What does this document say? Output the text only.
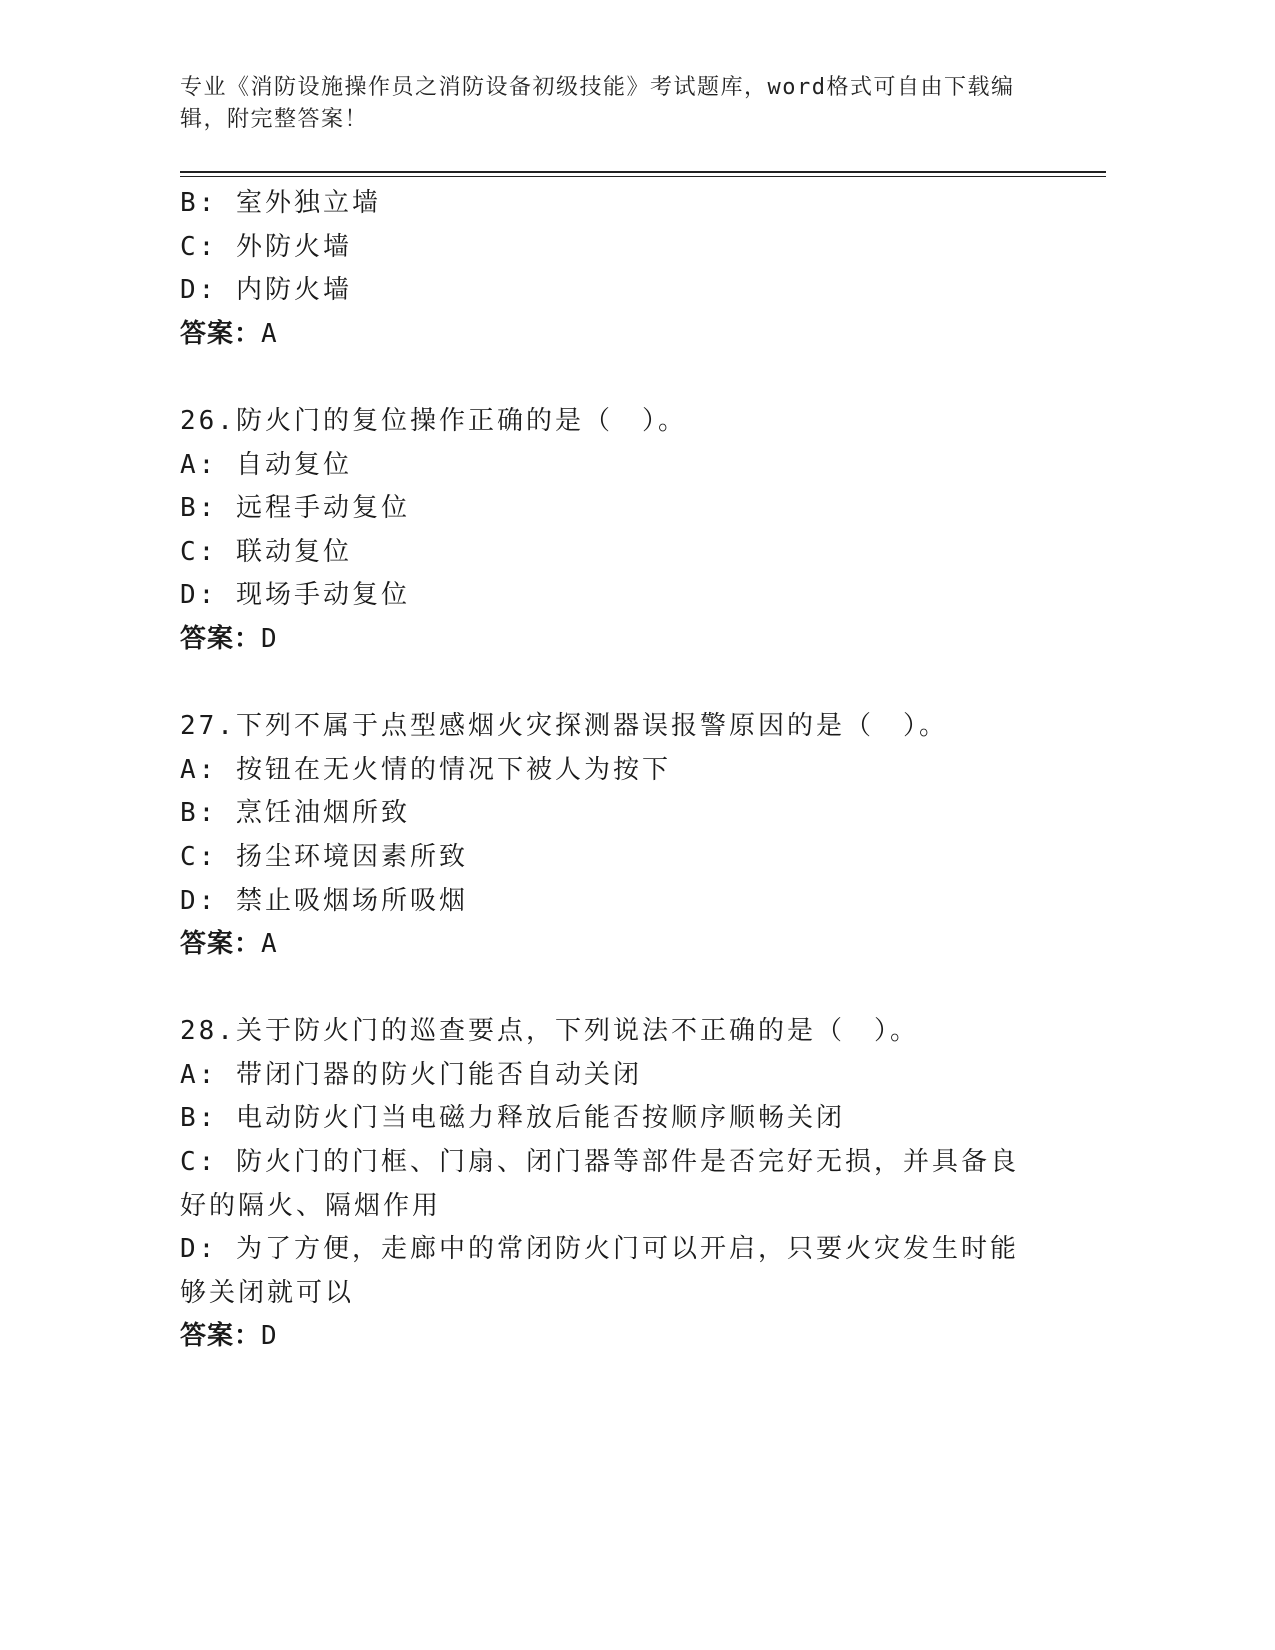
专业《消防设施操作员之消防设备初级技能》考试题库，word格式可自由下载编辑，附完整答案！

B: 室外独立墙

C: 外防火墙

D: 内防火墙

答案：A

26.防火门的复位操作正确的是（　）。

A: 自动复位

B: 远程手动复位

C: 联动复位

D: 现场手动复位

答案：D

27.下列不属于点型感烟火灾探测器误报警原因的是（　）。

A: 按钮在无火情的情况下被人为按下

B: 烹饪油烟所致

C: 扬尘环境因素所致

D: 禁止吸烟场所吸烟

答案：A

28.关于防火门的巡查要点，下列说法不正确的是（　）。

A: 带闭门器的防火门能否自动关闭

B: 电动防火门当电磁力释放后能否按顺序顺畅关闭

C: 防火门的门框、门扇、闭门器等部件是否完好无损，并具备良好的隔火、隔烟作用

D: 为了方便，走廊中的常闭防火门可以开启，只要火灾发生时能够关闭就可以

答案：D
